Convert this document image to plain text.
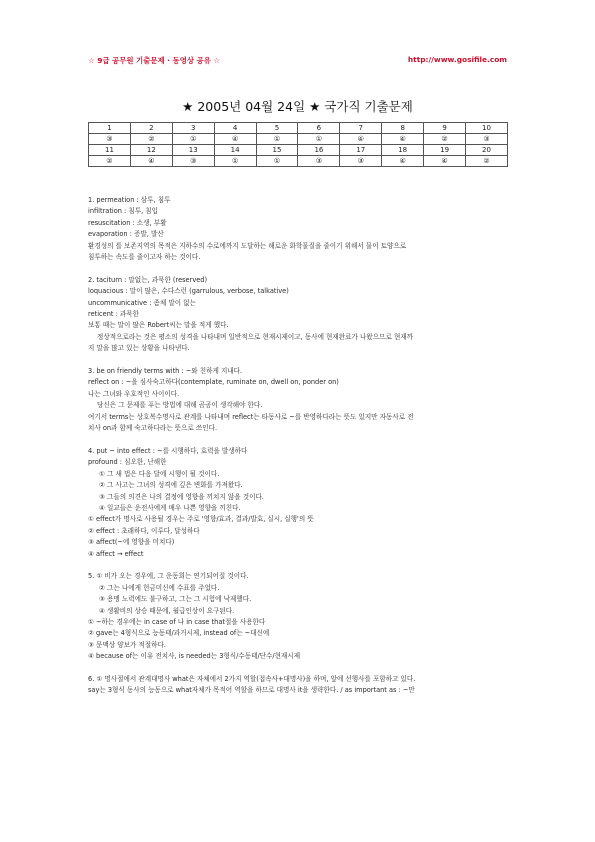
☆ 9급 공무원 기출문제 · 동영상 공유 ☆	http://www.gosifile.com
★ 2005년 04월 24일 ★ 국가직 기출문제
1	2	3	4	5	6	7	8	9	10
③	②	①	④	①	①	④	④	②	③
11	12	13	14	15	16	17	18	19	20
②	④	③	①	①	③	③	④	④	②
1. permeation : 삼투, 침투
infiltration : 침투, 침입
resuscitation : 소생, 부활
evaporation : 증발, 발산
환경성의 를 보존지역의 목적은 지하수의 수로에까지 도달하는 해로운 화학물질을 줄이기 위해서 물이 토양으로
침투하는 속도를 줄이고자 하는 것이다.
2. taciturn : 말없는, 과묵한 (reserved)
loquacious : 말이 많은, 수다스런 (garrulous, verbose, talkative)
uncommunicative : 좀체 말이 없는
reticent : 과묵한
보통 때는 말이 많은 Robert씨는 말을 적게 했다.
정상적으로라는 것은 평소의 성격을 나타내며 일반적으로 현재시제이고, 동사에 현재완료가 나왔으므로 현재까
지 말을 많고 있는 상황을 나타낸다.
3. be on friendly terms with : ~와 친하게 지내다.
reflect on : ~을 심사숙고하다(contemplate, ruminate on, dwell on, ponder on)
나는 그녀와 우호적인 사이이다.
당신은 그 문제를 푸는 방법에 대해 곰곰이 생각해야 한다.
여기서 terms는 상호복수명사로 관계를 나타내며 reflect는 타동사로 ~를 반영하다라는 뜻도 있지만 자동사로 전
치사 on과 함께 숙고하다라는 뜻으로 쓰인다.
4. put ~ into effect : ~를 시행하다, 효력을 발생하다
profound : 심오한, 난해한
① 그 새 법은 다음 달에 시행이 될 것이다.
② 그 사고는 그녀의 성격에 깊은 변화를 가져왔다.
③ 그들의 의견은 나의 결정에 영향을 끼치지 않을 것이다.
④ 일교들은 운전사에게 매우 나쁜 영향을 끼친다.
① effect가 명사로 사용될 경우는 주로 '영향/효과, 결과/발효, 실시, 실행'의 뜻
② effect : 초래하다, 이루다, 달성하다
③ affect(~에 영향을 미치다)
④ affect → effect
5. ① 비가 오는 경우에, 그 운동회는 연기되어질 것이다.
② 그는 나에게 헌금미신에 수표를 주었다.
③ 용맹 노력에도 불구하고, 그는 그 시험에 낙제했다.
④ 생활비의 상승 때문에, 월급인상이 요구된다.
① ~하는 경우에는 in case of 나 in case that절을 사용한다
② gave는 4형식으로 능동태/과거시제, instead of는 ~대신에
③ 문맥상 양보가 적절하다.
④ because of는 이유 전치사, is needed는 3형식/수동태/단수/현재시제
6. ① 명사절에서 관계대명사 what은 자체에서 2가지 역할(접속사+대명사)을 하며, 앞에 선행사를 포함하고 있다.
say는 3형식 동사의 능동으로 what자체가 목적어 역할을 하므로 대명사 it을 생략한다. / as important as : ~만
